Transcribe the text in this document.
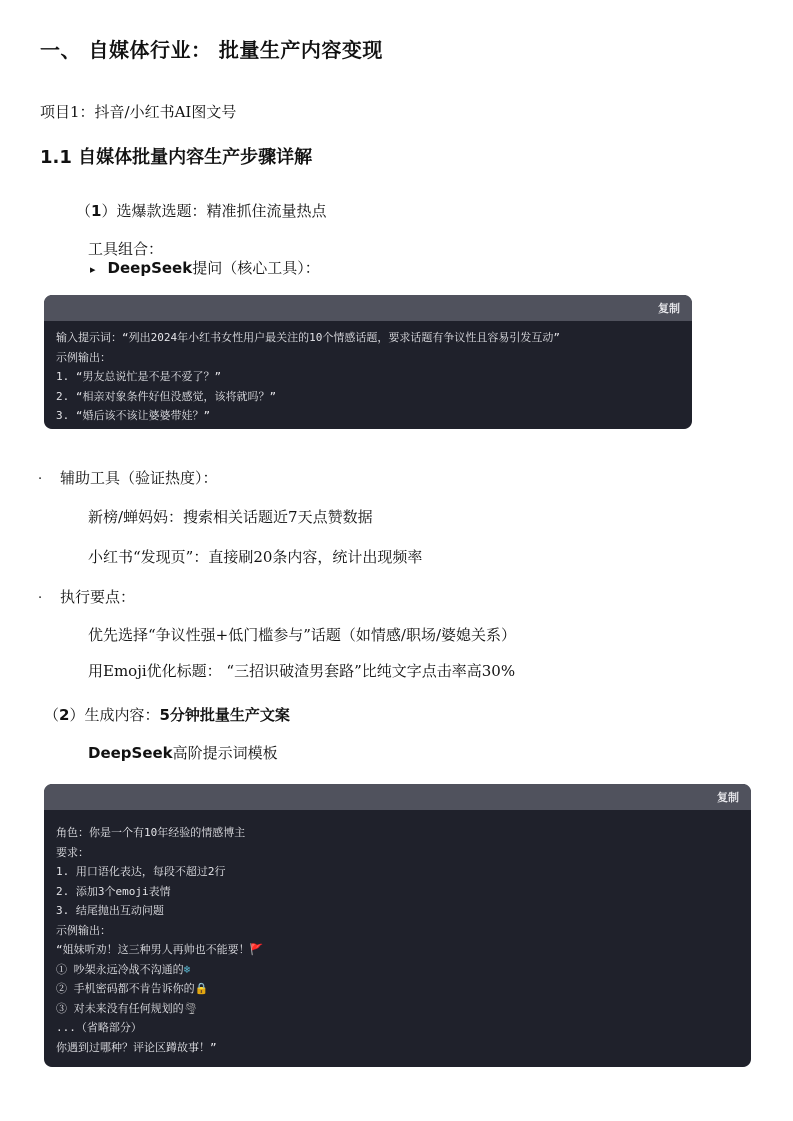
一、 自媒体行业： 批量生产内容变现
项目1：抖音/小红书AI图文号
1.1 自媒体批量内容生产步骤详解
（1）选爆款选题：精准抓住流量热点
工具组合：
▸ DeepSeek提问（核心工具）：
复制
输入提示词：“列出2024年小红书女性用户最关注的10个情感话题，要求话题有争议性且容易引发互动”
示例输出：
1. “男友总说忙是不是不爱了？”
2. “相亲对象条件好但没感觉，该将就吗？”
3. “婚后该不该让婆婆带娃？”
. 辅助工具（验证热度）：
新榜/蝉妈妈：搜索相关话题近7天点赞数据
小红书“发现页”：直接刷20条内容，统计出现频率
. 执行要点：
优先选择“争议性强+低门槛参与”话题（如情感/职场/婆媳关系）
用Emoji优化标题： “三招识破渣男套路”比纯文字点击率高30%
（2）生成内容：5分钟批量生产文案
DeepSeek高阶提示词模板
复制
角色：你是一个有10年经验的情感博主
要求：
1. 用口语化表达，每段不超过2行
2. 添加3个emoji表情
3. 结尾抛出互动问题
示例输出：
“姐妹听劝！这三种男人再帅也不能要！🚩
① 吵架永远冷战不沟通的❄
② 手机密码都不肯告诉你的🔒
③ 对未来没有任何规划的🌪
...（省略部分）
你遇到过哪种？评论区蹲故事！”
